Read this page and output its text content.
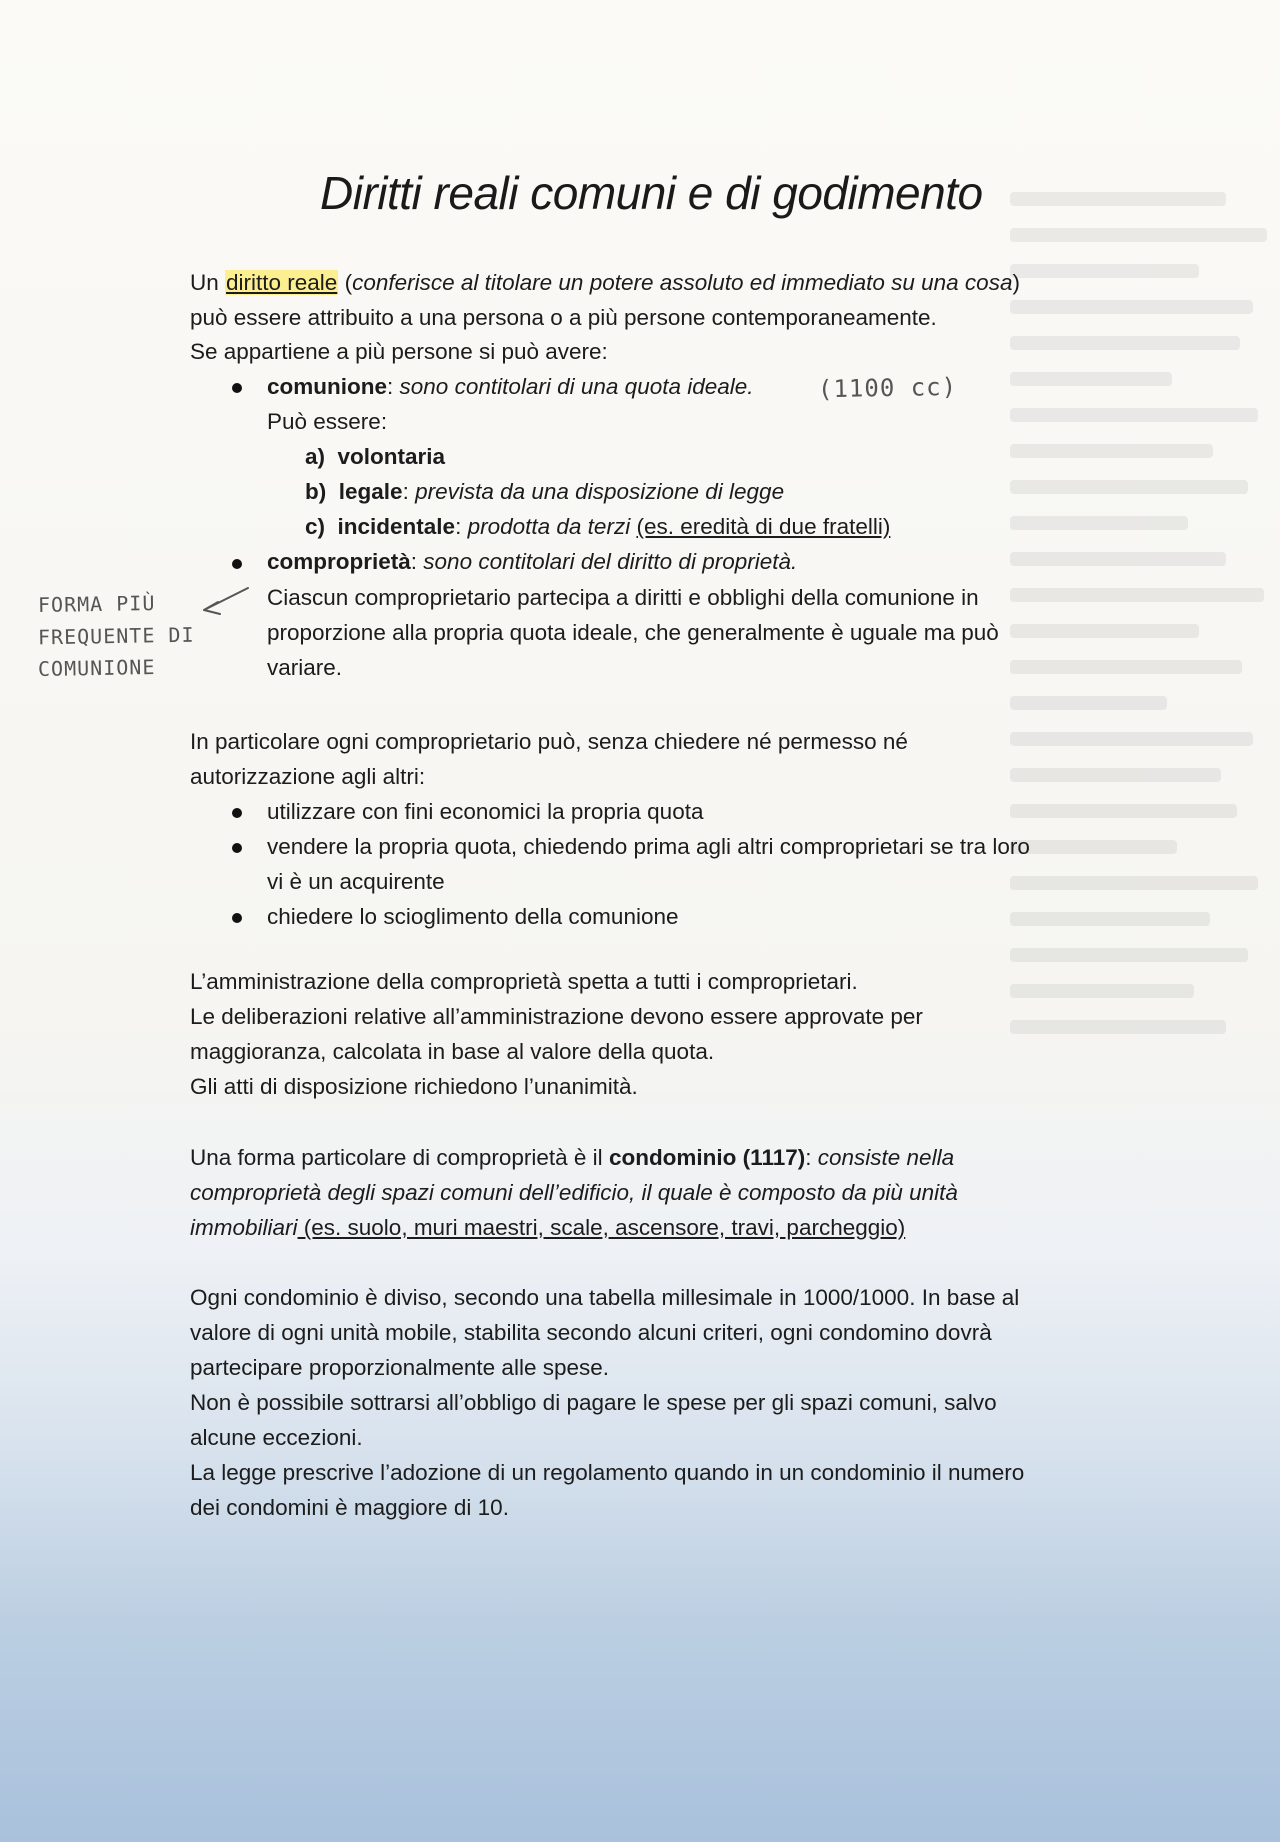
Diritti reali comuni e di godimento
Un diritto reale (conferisce al titolare un potere assoluto ed immediato su una cosa)
può essere attribuito a una persona o a più persone contemporaneamente.
Se appartiene a più persone si può avere:
comunione: sono contitolari di una quota ideale.	(1100 cc)
Può essere:
a) volontaria
b) legale: prevista da una disposizione di legge
c) incidentale: prodotta da terzi (es. eredità di due fratelli)
comproprietà: sono contitolari del diritto di proprietà.
Ciascun comproprietario partecipa a diritti e obblighi della comunione in
proporzione alla propria quota ideale, che generalmente è uguale ma può
variare.
FORMA PIÙ
FREQUENTE DI
COMUNIONE
In particolare ogni comproprietario può, senza chiedere né permesso né
autorizzazione agli altri:
utilizzare con fini economici la propria quota
vendere la propria quota, chiedendo prima agli altri comproprietari se tra loro
vi è un acquirente
chiedere lo scioglimento della comunione
L’amministrazione della comproprietà spetta a tutti i comproprietari.
Le deliberazioni relative all’amministrazione devono essere approvate per
maggioranza, calcolata in base al valore della quota.
Gli atti di disposizione richiedono l’unanimità.
Una forma particolare di comproprietà è il condominio (1117): consiste nella
comproprietà degli spazi comuni dell’edificio, il quale è composto da più unità
immobiliari (es. suolo, muri maestri, scale, ascensore, travi, parcheggio)
Ogni condominio è diviso, secondo una tabella millesimale in 1000/1000. In base al
valore di ogni unità mobile, stabilita secondo alcuni criteri, ogni condomino dovrà
partecipare proporzionalmente alle spese.
Non è possibile sottrarsi all’obbligo di pagare le spese per gli spazi comuni, salvo
alcune eccezioni.
La legge prescrive l’adozione di un regolamento quando in un condominio il numero
dei condomini è maggiore di 10.
